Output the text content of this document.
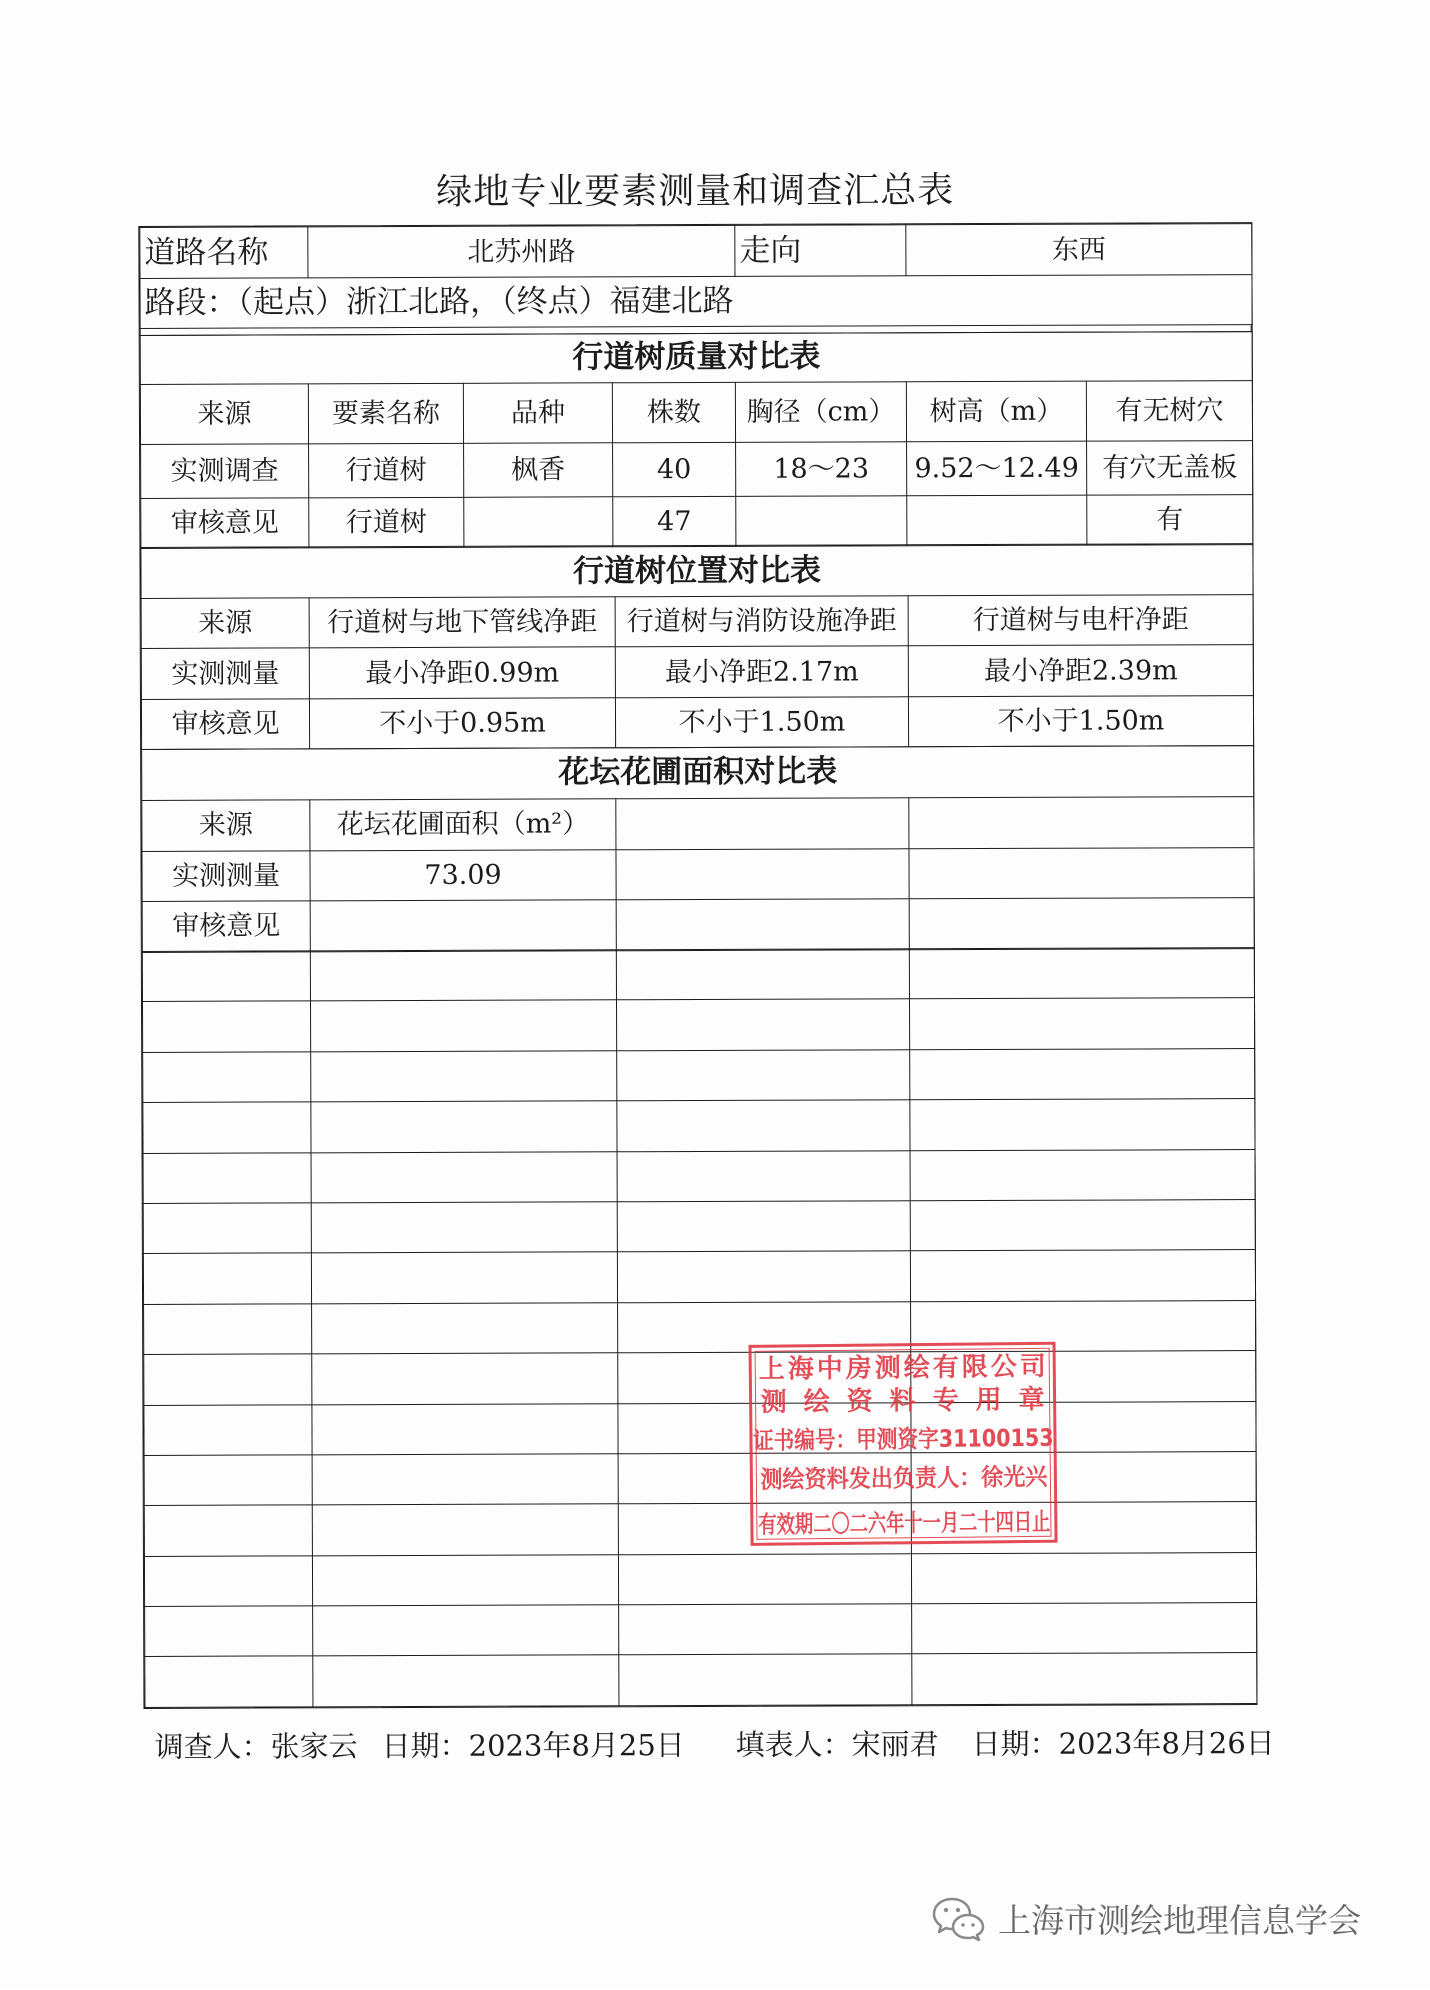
绿地专业要素测量和调查汇总表
道路名称	北苏州路	走向	东西
路段：（起点）浙江北路，（终点）福建北路
行道树质量对比表						
来源	要素名称	品种	株数	胸径（cm）	树高（m）	有无树穴
实测调查	行道树	枫香	40	18～23	9.52～12.49	有穴无盖板
审核意见	行道树		47			有
行道树位置对比表			
来源	行道树与地下管线净距	行道树与消防设施净距	行道树与电杆净距
实测测量	最小净距0.99m	最小净距2.17m	最小净距2.39m
审核意见	不小于0.95m	不小于1.50m	不小于1.50m
花坛花圃面积对比表			
来源	花坛花圃面积（m²）		
实测测量	73.09		
审核意见			

调查人：张家云 日期：2023年8月25日 填表人：宋丽君 日期：2023年8月26日
上海中房测绘有限公司
测绘资料专用章
证书编号：甲测资字31100153
测绘资料发出负责人：徐光兴
有效期二〇二六年十一月二十四日止
上海市测绘地理信息学会
